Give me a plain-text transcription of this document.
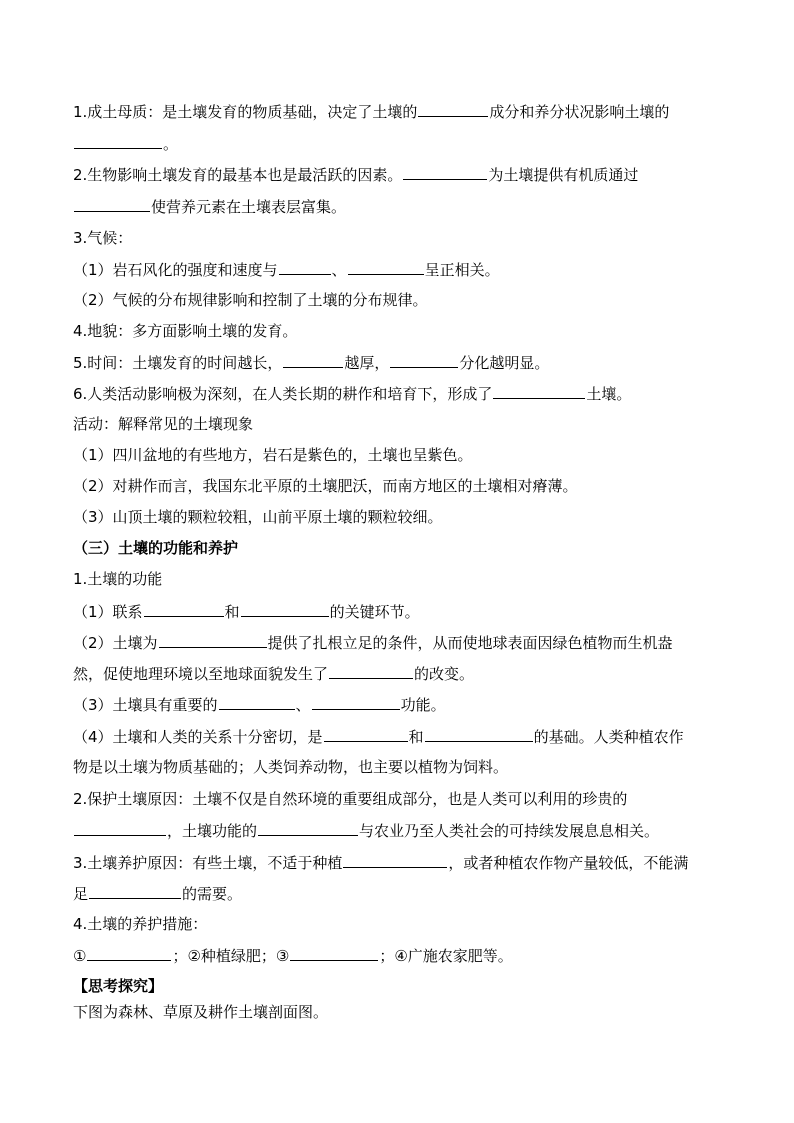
1.成土母质：是土壤发育的物质基础，决定了土壤的	成分和养分状况影响土壤的
。
2.生物影响土壤发育的最基本也是最活跃的因素。	为土壤提供有机质通过
使营养元素在土壤表层富集。
3.气候：
（1）岩石风化的强度和速度与	、	呈正相关。
（2）气候的分布规律影响和控制了土壤的分布规律。
4.地貌：多方面影响土壤的发育。
5.时间：土壤发育的时间越长，	越厚，	分化越明显。
6.人类活动影响极为深刻，在人类长期的耕作和培育下，形成了	土壤。
活动：解释常见的土壤现象
（1）四川盆地的有些地方，岩石是紫色的，土壤也呈紫色。
（2）对耕作而言，我国东北平原的土壤肥沃，而南方地区的土壤相对瘠薄。
（3）山顶土壤的颗粒较粗，山前平原土壤的颗粒较细。
（三）土壤的功能和养护
1.土壤的功能
（1）联系	和	的关键环节。
（2）土壤为	提供了扎根立足的条件，从而使地球表面因绿色植物而生机盎
然，促使地理环境以至地球面貌发生了	的改变。
（3）土壤具有重要的	、	功能。
（4）土壤和人类的关系十分密切，是	和	的基础。人类种植农作
物是以土壤为物质基础的；人类饲养动物，也主要以植物为饲料。
2.保护土壤原因：土壤不仅是自然环境的重要组成部分，也是人类可以利用的珍贵的
，土壤功能的	与农业乃至人类社会的可持续发展息息相关。
3.土壤养护原因：有些土壤，不适于种植	，或者种植农作物产量较低，不能满
足	的需要。
4.土壤的养护措施：
①	；②种植绿肥；③	；④广施农家肥等。
【思考探究】
下图为森林、草原及耕作土壤剖面图。
